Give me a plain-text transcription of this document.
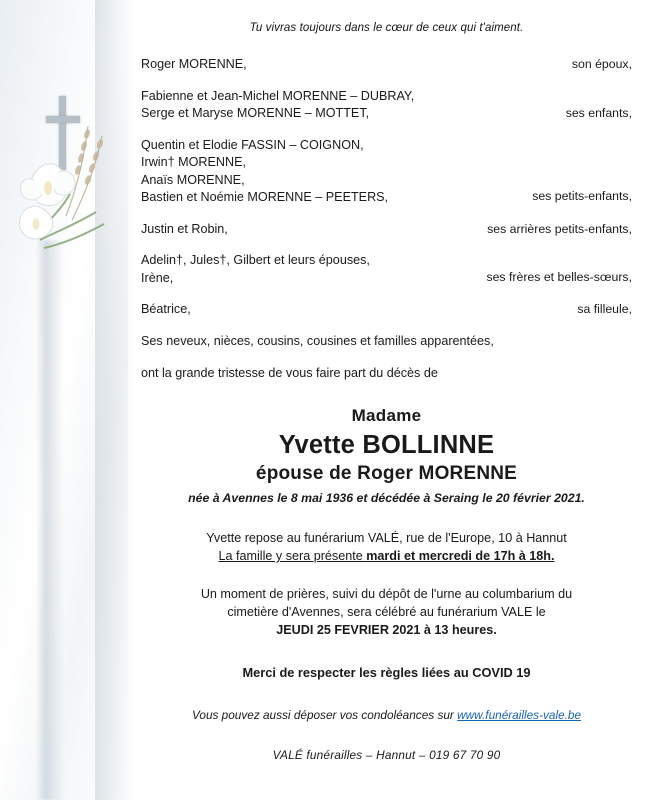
Tu vivras toujours dans le cœur de ceux qui t'aiment.
Roger MORENNE,	son époux,
Fabienne et Jean-Michel MORENNE – DUBRAY,
Serge et Maryse MORENNE – MOTTET,	ses enfants,
Quentin et Elodie FASSIN – COIGNON,
Irwin† MORENNE,
Anaïs MORENNE,
Bastien et Noémie MORENNE – PEETERS,	ses petits-enfants,
Justin et Robin,	ses arrières petits-enfants,
Adelin†, Jules†, Gilbert et leurs épouses,
Irène,	ses frères et belles-sœurs,
Béatrice,	sa filleule,
Ses neveux, nièces, cousins, cousines et familles apparentées,
ont la grande tristesse de vous faire part du décès de
Madame
Yvette BOLLINNE
épouse de Roger MORENNE
née à Avennes le 8 mai 1936 et décédée à Seraing le 20 février 2021.
Yvette repose au funérarium VALÉ, rue de l'Europe, 10 à Hannut
La famille y sera présente mardi et mercredi de 17h à 18h.
Un moment de prières, suivi du dépôt de l'urne au columbarium du
cimetière d'Avennes, sera célébré au funérarium VALE le
JEUDI 25 FEVRIER 2021 à 13 heures.
Merci de respecter les règles liées au COVID 19
Vous pouvez aussi déposer vos condoléances sur www.funérailles-vale.be
VALÉ funérailles – Hannut – 019 67 70 90
